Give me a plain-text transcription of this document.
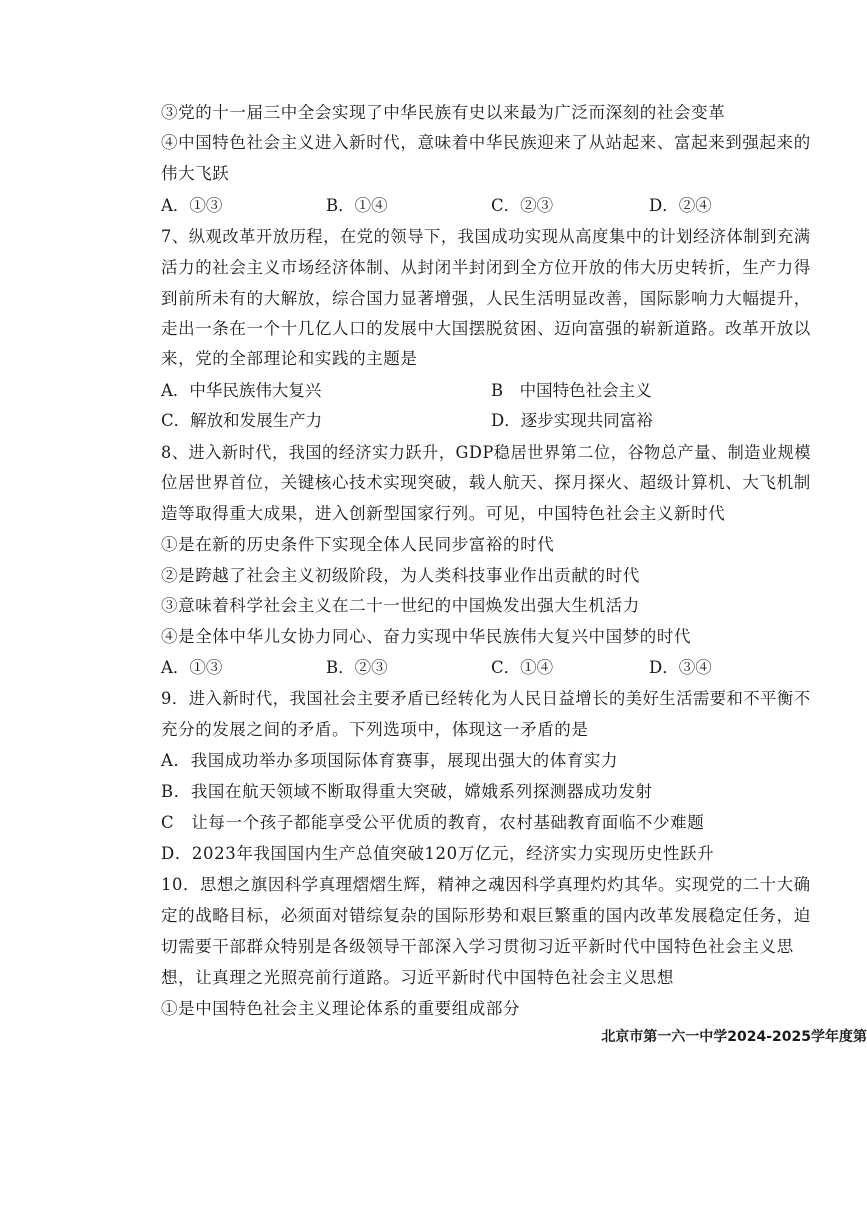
③党的十一届三中全会实现了中华民族有史以来最为广泛而深刻的社会变革
④中国特色社会主义进入新时代，意味着中华民族迎来了从站起来、富起来到强起来的
伟大飞跃
A．①③	B．①④	C．②③	D．②④
7、纵观改革开放历程，在党的领导下，我国成功实现从高度集中的计划经济体制到充满
活力的社会主义市场经济体制、从封闭半封闭到全方位开放的伟大历史转折，生产力得
到前所未有的大解放，综合国力显著增强，人民生活明显改善，国际影响力大幅提升，
走出一条在一个十几亿人口的发展中大国摆脱贫困、迈向富强的崭新道路。改革开放以
来，党的全部理论和实践的主题是
A．中华民族伟大复兴	B　中国特色社会主义
C．解放和发展生产力	D．逐步实现共同富裕
8、进入新时代，我国的经济实力跃升，GDP稳居世界第二位，谷物总产量、制造业规模
位居世界首位，关键核心技术实现突破，载人航天、探月探火、超级计算机、大飞机制
造等取得重大成果，进入创新型国家行列。可见，中国特色社会主义新时代
①是在新的历史条件下实现全体人民同步富裕的时代
②是跨越了社会主义初级阶段，为人类科技事业作出贡献的时代
③意味着科学社会主义在二十一世纪的中国焕发出强大生机活力
④是全体中华儿女协力同心、奋力实现中华民族伟大复兴中国梦的时代
A．①③	B．②③	C．①④	D．③④
9．进入新时代，我国社会主要矛盾已经转化为人民日益增长的美好生活需要和不平衡不
充分的发展之间的矛盾。下列选项中，体现这一矛盾的是
A．我国成功举办多项国际体育赛事，展现出强大的体育实力
B．我国在航天领域不断取得重大突破，嫦娥系列探测器成功发射
C　让每一个孩子都能享受公平优质的教育，农村基础教育面临不少难题
D．2023年我国国内生产总值突破120万亿元，经济实力实现历史性跃升
10．思想之旗因科学真理熠熠生辉，精神之魂因科学真理灼灼其华。实现党的二十大确
定的战略目标，必须面对错综复杂的国际形势和艰巨繁重的国内改革发展稳定任务，迫
切需要干部群众特别是各级领导干部深入学习贯彻习近平新时代中国特色社会主义思
想，让真理之光照亮前行道路。习近平新时代中国特色社会主义思想
①是中国特色社会主义理论体系的重要组成部分
北京市第一六一中学2024-2025学年度第
